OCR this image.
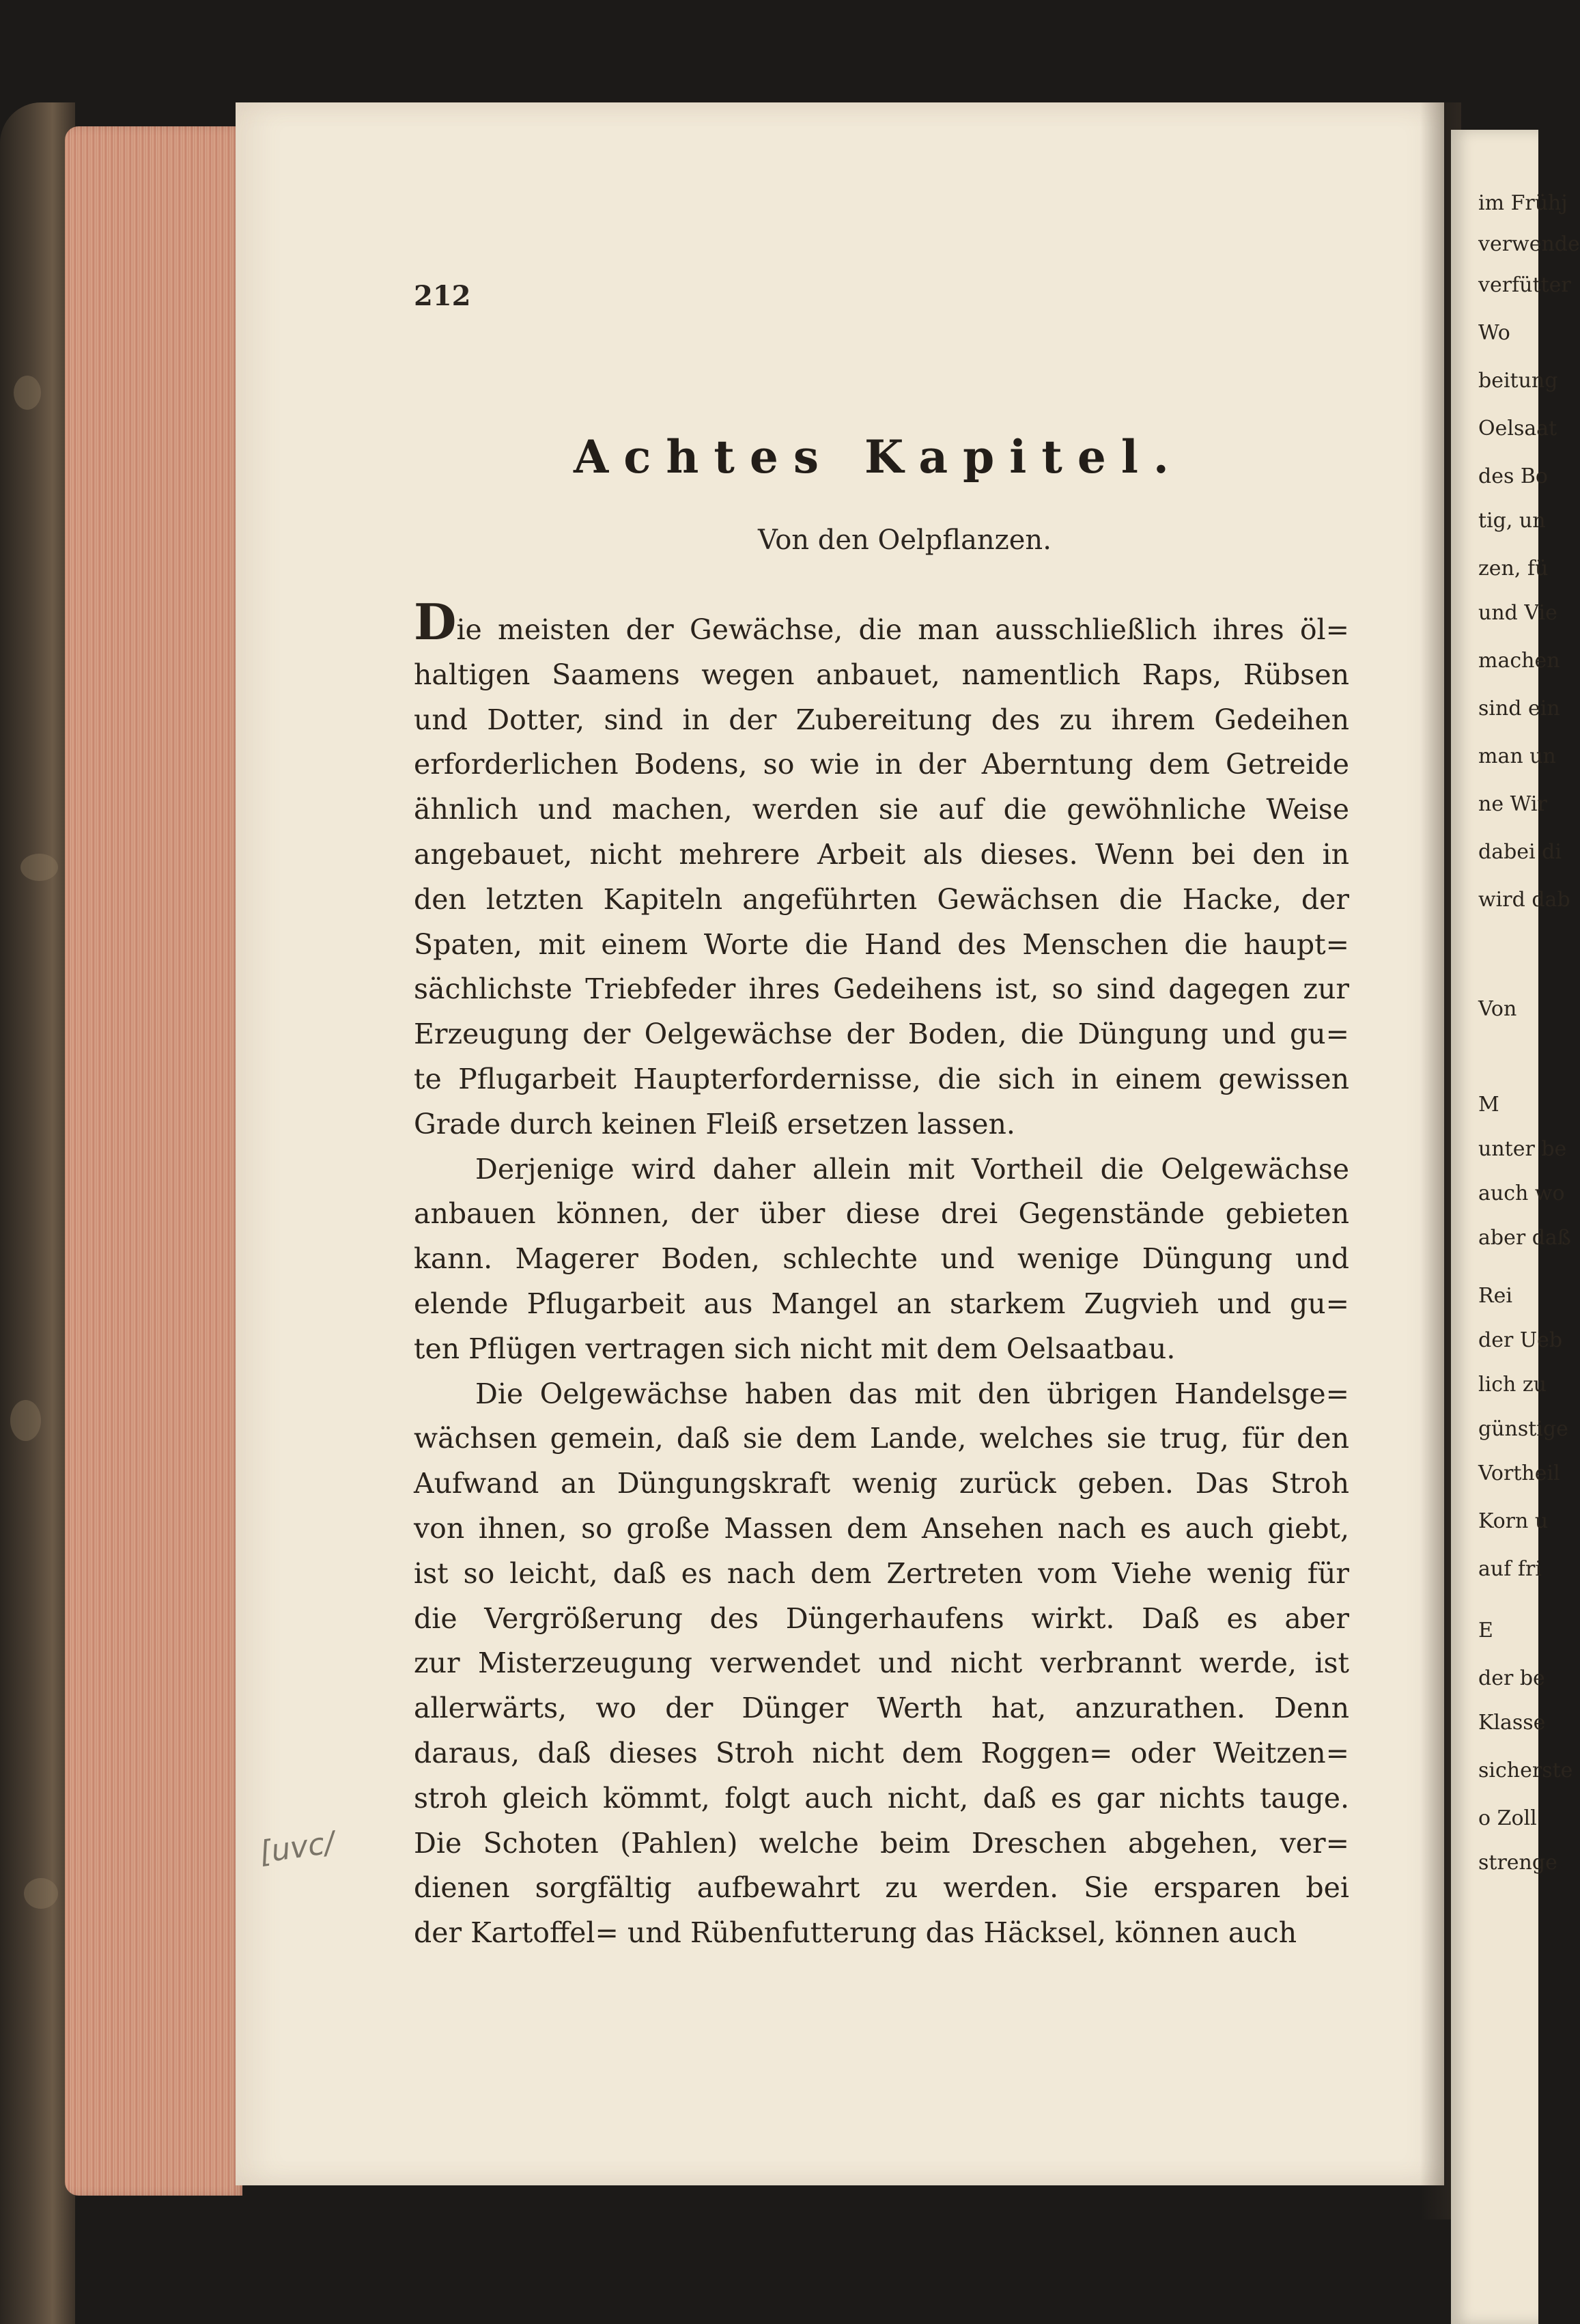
im Frühj
verwende
verfütter
Wo
beitung
Oelsaat
des Bo
tig, un
zen, fü
und Vie
machen
sind ein
man un
ne Wir
dabei di
wird dab
Von
M
unter be
auch wo
aber daß
Rei
der Ueb
lich zu
günstige
Vortheil
Korn u
auf fri
E
der be
Klasse
sicherste
o Zoll
strenge
212
Achtes Kapitel.
Von den Oelpflanzen.
Die meisten der Gewächse, die man ausschließlich ihres öl=
haltigen Saamens wegen anbauet, namentlich Raps, Rübsen
und Dotter, sind in der Zubereitung des zu ihrem Gedeihen
erforderlichen Bodens, so wie in der Aberntung dem Getreide
ähnlich und machen, werden sie auf die gewöhnliche Weise
angebauet, nicht mehrere Arbeit als dieses. Wenn bei den in
den letzten Kapiteln angeführten Gewächsen die Hacke, der
Spaten, mit einem Worte die Hand des Menschen die haupt=
sächlichste Triebfeder ihres Gedeihens ist, so sind dagegen zur
Erzeugung der Oelgewächse der Boden, die Düngung und gu=
te Pflugarbeit Haupterfordernisse, die sich in einem gewissen
Grade durch keinen Fleiß ersetzen lassen.
Derjenige wird daher allein mit Vortheil die Oelgewächse
anbauen können, der über diese drei Gegenstände gebieten
kann. Magerer Boden, schlechte und wenige Düngung und
elende Pflugarbeit aus Mangel an starkem Zugvieh und gu=
ten Pflügen vertragen sich nicht mit dem Oelsaatbau.
Die Oelgewächse haben das mit den übrigen Handelsge=
wächsen gemein, daß sie dem Lande, welches sie trug, für den
Aufwand an Düngungskraft wenig zurück geben. Das Stroh
von ihnen, so große Massen dem Ansehen nach es auch giebt,
ist so leicht, daß es nach dem Zertreten vom Viehe wenig für
die Vergrößerung des Düngerhaufens wirkt. Daß es aber
zur Misterzeugung verwendet und nicht verbrannt werde, ist
allerwärts, wo der Dünger Werth hat, anzurathen. Denn
daraus, daß dieses Stroh nicht dem Roggen= oder Weitzen=
stroh gleich kömmt, folgt auch nicht, daß es gar nichts tauge.
Die Schoten (Pahlen) welche beim Dreschen abgehen, ver=
dienen sorgfältig aufbewahrt zu werden. Sie ersparen bei
der Kartoffel= und Rübenfutterung das Häcksel, können auch
[uvc/
